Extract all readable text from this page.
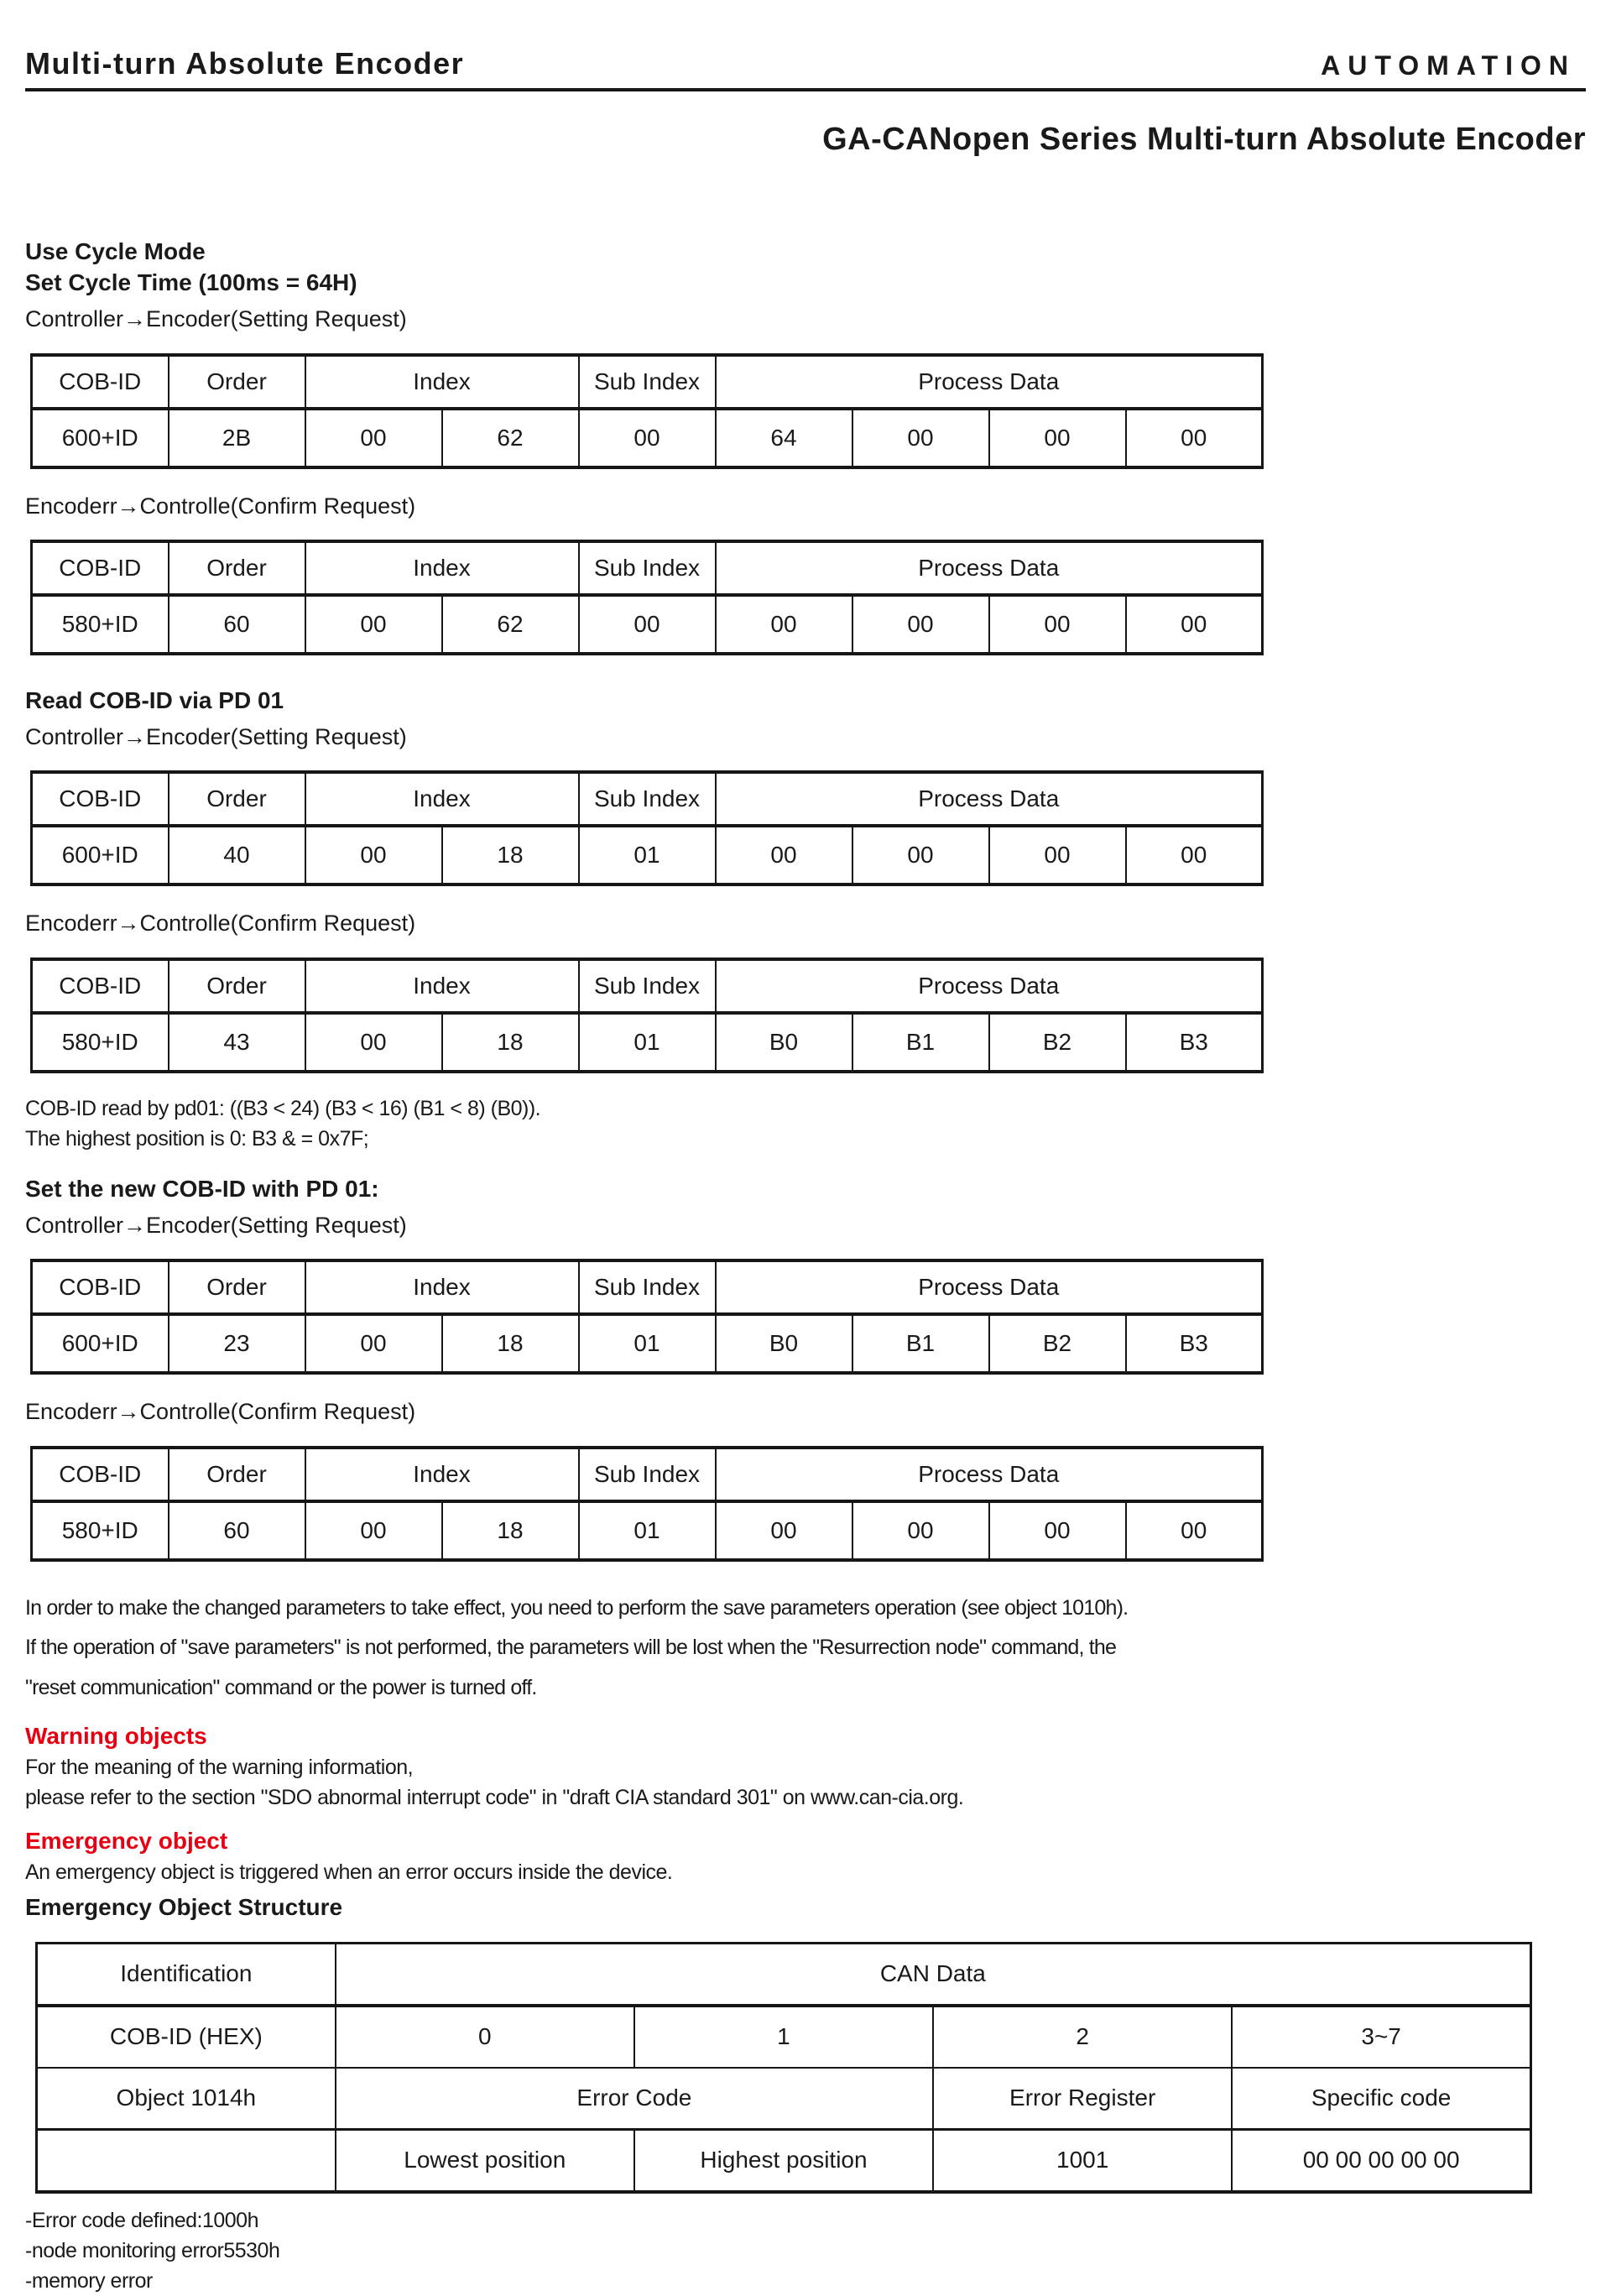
Multi-turn Absolute Encoder	AUTOMATION
GA-CANopen Series Multi-turn Absolute Encoder
Use Cycle Mode
Set Cycle Time (100ms = 64H)
Controller→Encoder(Setting Request)
COB-ID	Order	Index		Sub Index	Process Data			
600+ID	2B	00	62	00	64	00	00	00
Encoderr→Controlle(Confirm Request)
COB-ID	Order	Index		Sub Index	Process Data			
580+ID	60	00	62	00	00	00	00	00
Read COB-ID via PD 01
Controller→Encoder(Setting Request)
COB-ID	Order	Index		Sub Index	Process Data			
600+ID	40	00	18	01	00	00	00	00
Encoderr→Controlle(Confirm Request)
COB-ID	Order	Index		Sub Index	Process Data			
580+ID	43	00	18	01	B0	B1	B2	B3
COB-ID read by pd01: ((B3 < 24) (B3 < 16) (B1 < 8) (B0)).
The highest position is 0: B3 & = 0x7F;
Set the new COB-ID with PD 01:
Controller→Encoder(Setting Request)
COB-ID	Order	Index		Sub Index	Process Data			
600+ID	23	00	18	01	B0	B1	B2	B3
Encoderr→Controlle(Confirm Request)
COB-ID	Order	Index		Sub Index	Process Data			
580+ID	60	00	18	01	00	00	00	00
In order to make the changed parameters to take effect, you need to perform the save parameters operation (see object 1010h).
If the operation of "save parameters" is not performed, the parameters will be lost when the "Resurrection node" command, the
"reset communication" command or the power is turned off.
Warning objects
For the meaning of the warning information,
please refer to the section "SDO abnormal interrupt code" in "draft CIA standard 301" on www.can-cia.org.
Emergency object
An emergency object is triggered when an error occurs inside the device.
Emergency Object Structure
Identification	CAN Data			
COB-ID (HEX)	0	1	2	3~7
Object 1014h	Error Code		Error Register	Specific code
	Lowest position	Highest position	1001	00 00 00 00 00
-Error code defined:1000h
-node monitoring error5530h
-memory error
